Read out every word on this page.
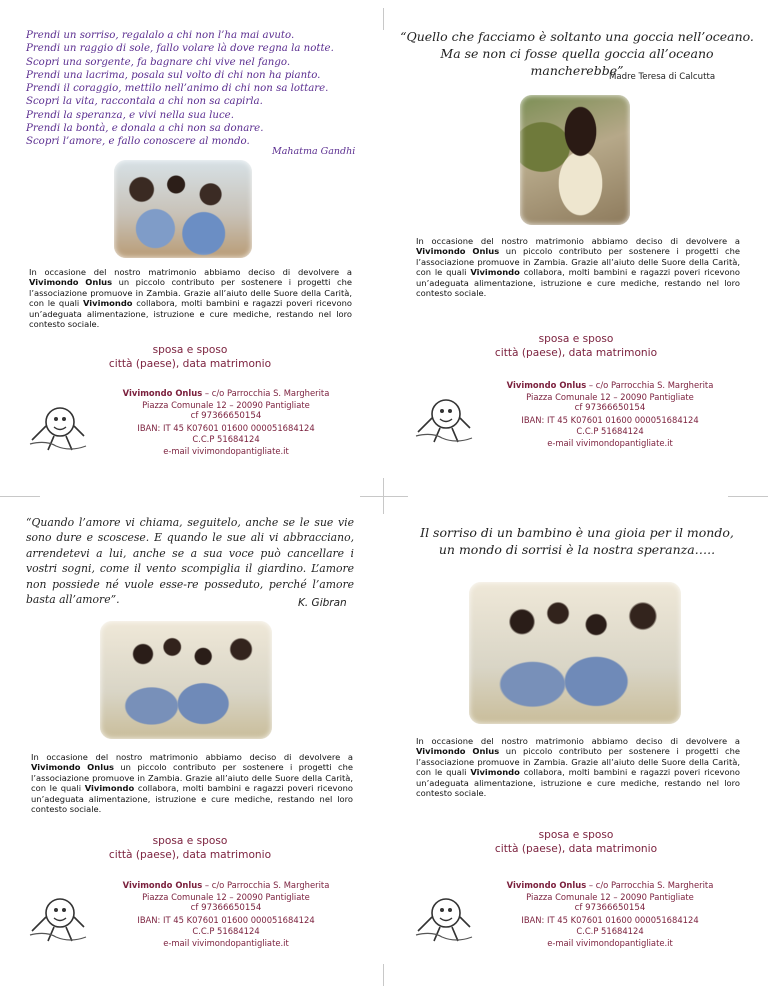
Prendi un sorriso, regalalo a chi non l’ha mai avuto.
Prendi un raggio di sole, fallo volare là dove regna la notte.
Scopri una sorgente, fa bagnare chi vive nel fango.
Prendi una lacrima, posala sul volto di chi non ha pianto.
Prendi il coraggio, mettilo nell’animo di chi non sa lottare.
Scopri la vita, raccontala a chi non sa capirla.
Prendi la speranza, e vivi nella sua luce.
Prendi la bontà, e donala a chi non sa donare.
Scopri l’amore, e fallo conoscere al mondo.
Mahatma Gandhi

In occasione del nostro matrimonio abbiamo deciso di devolvere a Vivimondo Onlus un piccolo contributo per sostenere i progetti che l’associazione promuove in Zambia. Grazie all’aiuto delle Suore della Carità, con le quali Vivimondo collabora, molti bambini e ragazzi poveri ricevono un’adeguata alimentazione, istruzione e cure mediche, restando nel loro contesto sociale.

sposa e sposo
città (paese), data matrimonio
Vivimondo Onlus – c/o Parrocchia S. Margherita
Piazza Comunale 12 – 20090 Pantigliate
cf 97366650154
IBAN: IT 45 K07601 01600 000051684124
C.C.P 51684124
e-mail vivimondopantigliate.it
“Quello che facciamo è soltanto una goccia nell’oceano.
Ma se non ci fosse quella goccia all’oceano mancherebbe”
Madre Teresa di Calcutta

In occasione del nostro matrimonio abbiamo deciso di devolvere a Vivimondo Onlus un piccolo contributo per sostenere i progetti che l’associazione promuove in Zambia. Grazie all’aiuto delle Suore della Carità, con le quali Vivimondo collabora, molti bambini e ragazzi poveri ricevono un’adeguata alimentazione, istruzione e cure mediche, restando nel loro contesto sociale.

sposa e sposo
città (paese), data matrimonio
Vivimondo Onlus – c/o Parrocchia S. Margherita
Piazza Comunale 12 – 20090 Pantigliate
cf 97366650154
IBAN: IT 45 K07601 01600 000051684124
C.C.P 51684124
e-mail vivimondopantigliate.it
“Quando l’amore vi chiama, seguitelo, anche se le sue vie sono dure e scoscese. E quando le sue ali vi abbracciano, arrendetevi a lui, anche se a sua voce può cancellare i vostri sogni, come il vento scompiglia il giardino. L’amore non possiede né vuole esse-re posseduto, perché l’amore basta all’amore”.	K. Gibran

In occasione del nostro matrimonio abbiamo deciso di devolvere a Vivimondo Onlus un piccolo contributo per sostenere i progetti che l’associazione promuove in Zambia. Grazie all’aiuto delle Suore della Carità, con le quali Vivimondo collabora, molti bambini e ragazzi poveri ricevono un’adeguata alimentazione, istruzione e cure mediche, restando nel loro contesto sociale.

sposa e sposo
città (paese), data matrimonio
Vivimondo Onlus – c/o Parrocchia S. Margherita
Piazza Comunale 12 – 20090 Pantigliate
cf 97366650154
IBAN: IT 45 K07601 01600 000051684124
C.C.P 51684124
e-mail vivimondopantigliate.it
Il sorriso di un bambino è una gioia per il mondo,
un mondo di sorrisi è la nostra speranza…..

In occasione del nostro matrimonio abbiamo deciso di devolvere a Vivimondo Onlus un piccolo contributo per sostenere i progetti che l’associazione promuove in Zambia. Grazie all’aiuto delle Suore della Carità, con le quali Vivimondo collabora, molti bambini e ragazzi poveri ricevono un’adeguata alimentazione, istruzione e cure mediche, restando nel loro contesto sociale.

sposa e sposo
città (paese), data matrimonio
Vivimondo Onlus – c/o Parrocchia S. Margherita
Piazza Comunale 12 – 20090 Pantigliate
cf 97366650154
IBAN: IT 45 K07601 01600 000051684124
C.C.P 51684124
e-mail vivimondopantigliate.it
